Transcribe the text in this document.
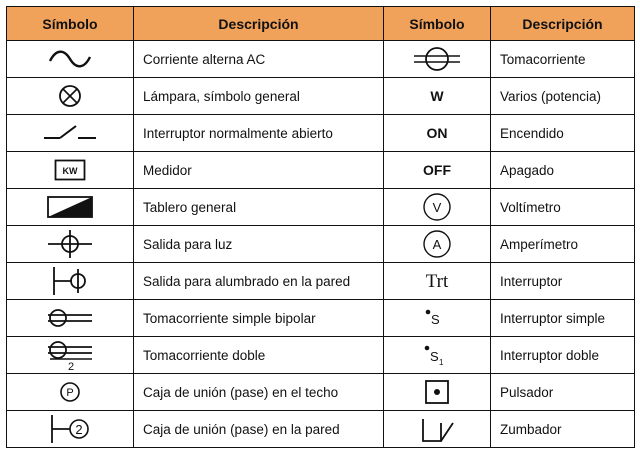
Símbolo	Descripción	Símbolo	Descripción

	Corriente alterna AC		Tomacorriente

	Lámpara, símbolo general	W	Varios (potencia)

	Interruptor normalmente abierto	ON	Encendido

KW	Medidor	OFF	Apagado

	Tablero general	V	Voltímetro

	Salida para luz	A	Amperímetro

	Salida para alumbrado en la pared	Trt	Interruptor

	Tomacorriente simple bipolar	S	Interruptor simple

2	Tomacorriente doble	S 1	Interruptor doble

P	Caja de unión (pase) en el techo		Pulsador

2	Caja de unión (pase) en la pared		Zumbador
